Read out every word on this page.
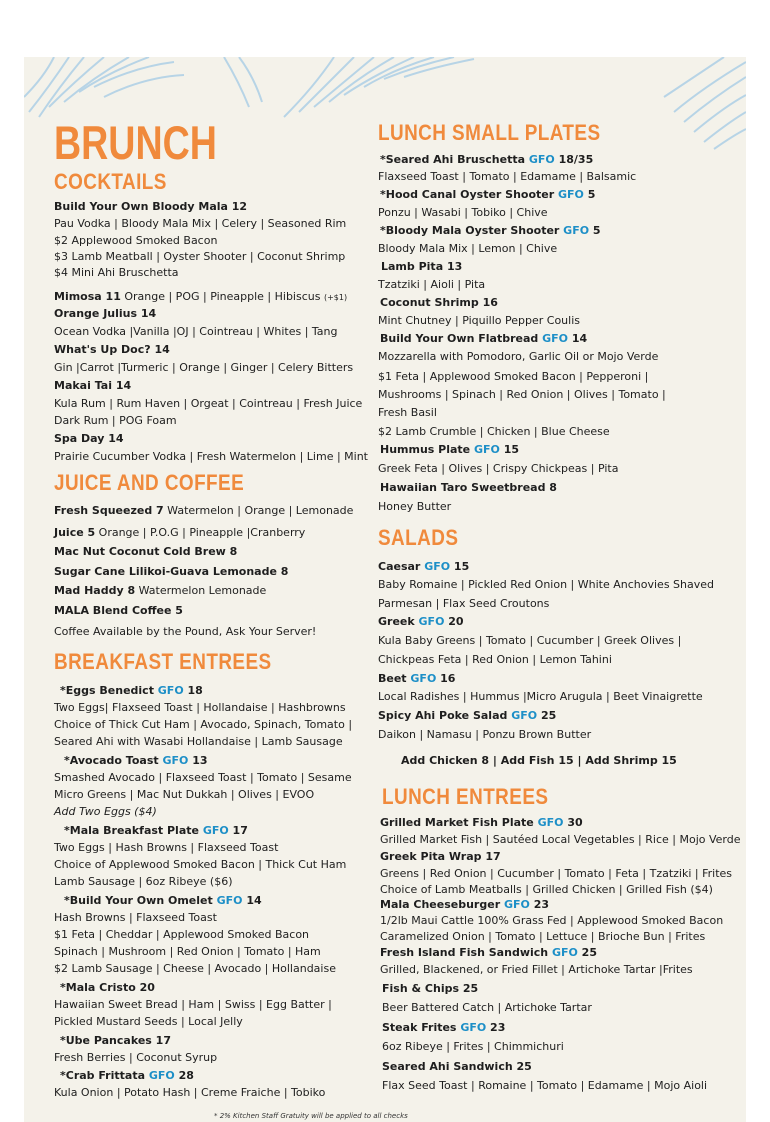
BRUNCH
COCKTAILS
Build Your Own Bloody Mala 12
Pau Vodka | Bloody Mala Mix | Celery | Seasoned Rim
$2 Applewood Smoked Bacon
$3 Lamb Meatball | Oyster Shooter | Coconut Shrimp
$4 Mini Ahi Bruschetta
Mimosa 11 Orange | POG | Pineapple | Hibiscus (+$1)
Orange Julius 14
Ocean Vodka |Vanilla |OJ | Cointreau | Whites | Tang
What's Up Doc? 14
Gin |Carrot |Turmeric | Orange | Ginger | Celery Bitters
Makai Tai 14
Kula Rum | Rum Haven | Orgeat | Cointreau | Fresh Juice
Dark Rum | POG Foam
Spa Day 14
Prairie Cucumber Vodka | Fresh Watermelon | Lime | Mint
JUICE AND COFFEE
Fresh Squeezed 7 Watermelon | Orange | Lemonade
Juice 5 Orange | P.O.G | Pineapple |Cranberry
Mac Nut Coconut Cold Brew 8
Sugar Cane Lilikoi-Guava Lemonade 8
Mad Haddy 8 Watermelon Lemonade
MALA Blend Coffee 5
Coffee Available by the Pound, Ask Your Server!
BREAKFAST ENTREES
*Eggs Benedict GFO 18
Two Eggs| Flaxseed Toast | Hollandaise | Hashbrowns
Choice of Thick Cut Ham | Avocado, Spinach, Tomato |
Seared Ahi with Wasabi Hollandaise | Lamb Sausage
*Avocado Toast GFO 13
Smashed Avocado | Flaxseed Toast | Tomato | Sesame
Micro Greens | Mac Nut Dukkah | Olives | EVOO
Add Two Eggs ($4)
*Mala Breakfast Plate GFO 17
Two Eggs | Hash Browns | Flaxseed Toast
Choice of Applewood Smoked Bacon | Thick Cut Ham
Lamb Sausage | 6oz Ribeye ($6)
*Build Your Own Omelet GFO 14
Hash Browns | Flaxseed Toast
$1 Feta | Cheddar | Applewood Smoked Bacon
Spinach | Mushroom | Red Onion | Tomato | Ham
$2 Lamb Sausage | Cheese | Avocado | Hollandaise
*Mala Cristo 20
Hawaiian Sweet Bread | Ham | Swiss | Egg Batter |
Pickled Mustard Seeds | Local Jelly
*Ube Pancakes 17
Fresh Berries | Coconut Syrup
*Crab Frittata GFO 28
Kula Onion | Potato Hash | Creme Fraiche | Tobiko
LUNCH SMALL PLATES
*Seared Ahi Bruschetta GFO 18/35
Flaxseed Toast | Tomato | Edamame | Balsamic
*Hood Canal Oyster Shooter GFO 5
Ponzu | Wasabi | Tobiko | Chive
*Bloody Mala Oyster Shooter GFO 5
Bloody Mala Mix | Lemon | Chive
Lamb Pita 13
Tzatziki | Aioli | Pita
Coconut Shrimp 16
Mint Chutney | Piquillo Pepper Coulis
Build Your Own Flatbread GFO 14
Mozzarella with Pomodoro, Garlic Oil or Mojo Verde
$1 Feta | Applewood Smoked Bacon | Pepperoni |
Mushrooms | Spinach | Red Onion | Olives | Tomato |
Fresh Basil
$2 Lamb Crumble | Chicken | Blue Cheese
Hummus Plate GFO 15
Greek Feta | Olives | Crispy Chickpeas | Pita
Hawaiian Taro Sweetbread 8
Honey Butter
SALADS
Caesar GFO 15
Baby Romaine | Pickled Red Onion | White Anchovies Shaved
Parmesan | Flax Seed Croutons
Greek GFO 20
Kula Baby Greens | Tomato | Cucumber | Greek Olives |
Chickpeas Feta | Red Onion | Lemon Tahini
Beet GFO 16
Local Radishes | Hummus |Micro Arugula | Beet Vinaigrette
Spicy Ahi Poke Salad GFO 25
Daikon | Namasu | Ponzu Brown Butter
Add Chicken 8 | Add Fish 15 | Add Shrimp 15
LUNCH ENTREES
Grilled Market Fish Plate GFO 30
Grilled Market Fish | Sautéed Local Vegetables | Rice | Mojo Verde
Greek Pita Wrap 17
Greens | Red Onion | Cucumber | Tomato | Feta | Tzatziki | Frites
Choice of Lamb Meatballs | Grilled Chicken | Grilled Fish ($4)
Mala Cheeseburger GFO 23
1/2lb Maui Cattle 100% Grass Fed | Applewood Smoked Bacon
Caramelized Onion | Tomato | Lettuce | Brioche Bun | Frites
Fresh Island Fish Sandwich GFO 25
Grilled, Blackened, or Fried Fillet | Artichoke Tartar |Frites
Fish & Chips 25
Beer Battered Catch | Artichoke Tartar
Steak Frites GFO 23
6oz Ribeye | Frites | Chimmichuri
Seared Ahi Sandwich 25
Flax Seed Toast | Romaine | Tomato | Edamame | Mojo Aioli
* 2% Kitchen Staff Gratuity will be applied to all checks
